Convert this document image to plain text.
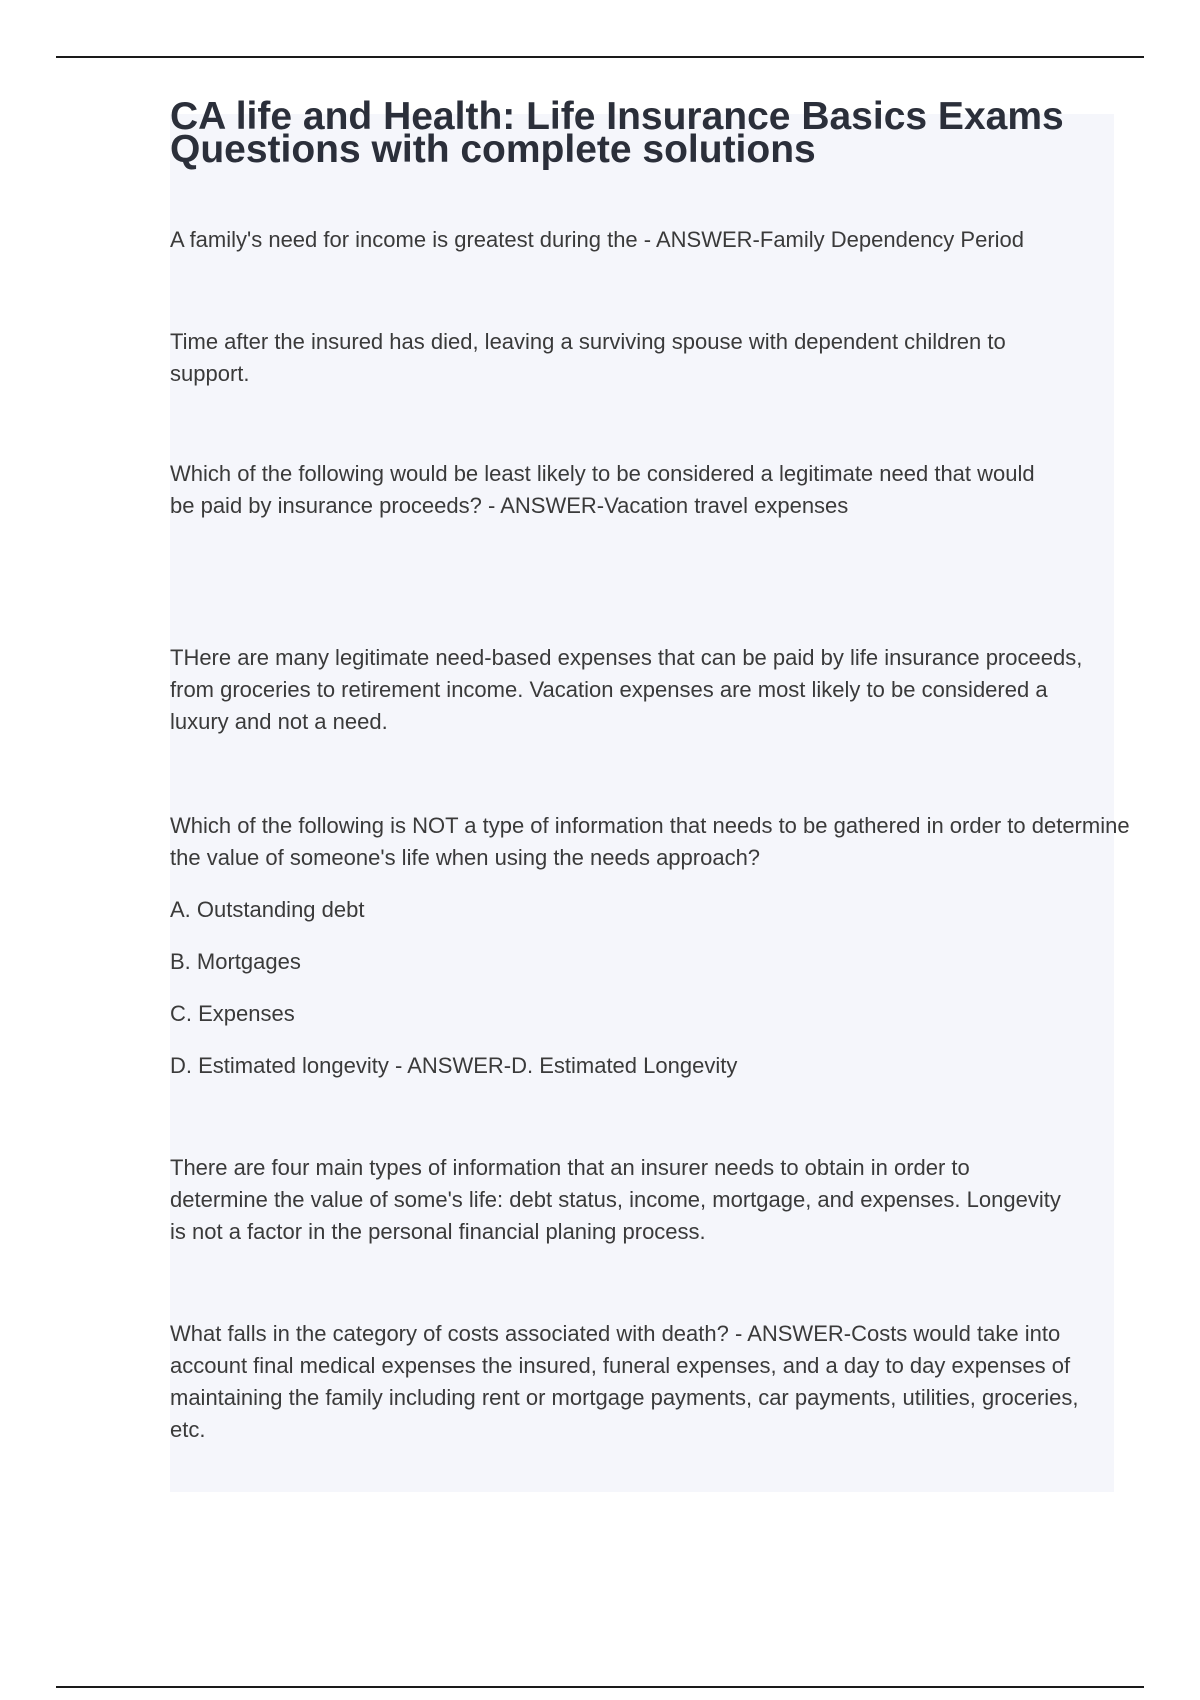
CA life and Health: Life Insurance Basics Exams Questions with complete solutions

A family's need for income is greatest during the - ANSWER-Family Dependency Period

Time after the insured has died, leaving a surviving spouse with dependent children to support.

Which of the following would be least likely to be considered a legitimate need that would be paid by insurance proceeds? - ANSWER-Vacation travel expenses

THere are many legitimate need-based expenses that can be paid by life insurance proceeds, from groceries to retirement income. Vacation expenses are most likely to be considered a luxury and not a need.

Which of the following is NOT a type of information that needs to be gathered in order to determine the value of someone's life when using the needs approach?

A. Outstanding debt

B. Mortgages

C. Expenses

D. Estimated longevity - ANSWER-D. Estimated Longevity

There are four main types of information that an insurer needs to obtain in order to determine the value of some's life: debt status, income, mortgage, and expenses. Longevity is not a factor in the personal financial planing process.

What falls in the category of costs associated with death? - ANSWER-Costs would take into account final medical expenses the insured, funeral expenses, and a day to day expenses of maintaining the family including rent or mortgage payments, car payments, utilities, groceries, etc.
